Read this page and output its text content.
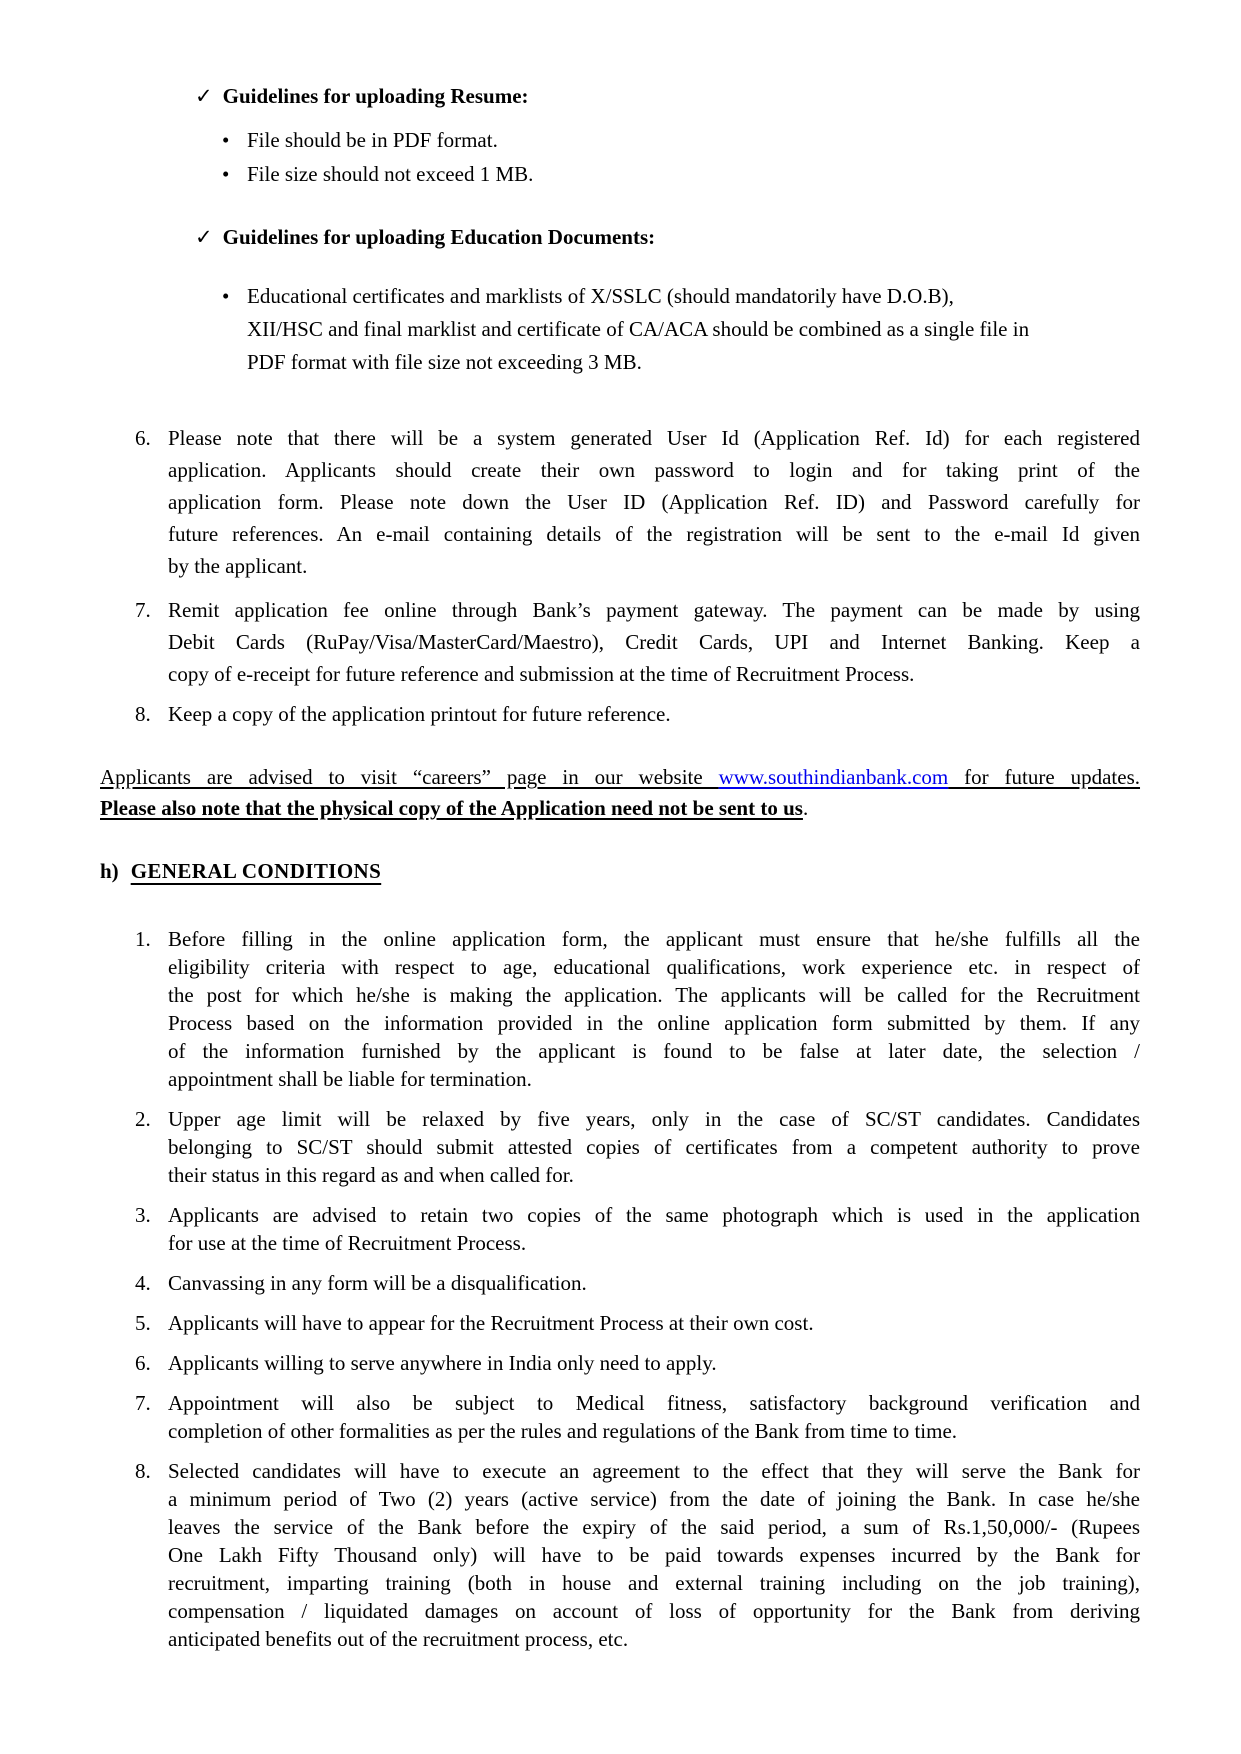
✓ Guidelines for uploading Resume:
• File should be in PDF format.
• File size should not exceed 1 MB.
✓ Guidelines for uploading Education Documents:
• Educational certificates and marklists of X/SSLC (should mandatorily have D.O.B),
XII/HSC and final marklist and certificate of CA/ACA should be combined as a single file in
PDF format with file size not exceeding 3 MB.
6. Please note that there will be a system generated User Id (Application Ref. Id) for each registered
application. Applicants should create their own password to login and for taking print of the
application form. Please note down the User ID (Application Ref. ID) and Password carefully for
future references. An e-mail containing details of the registration will be sent to the e-mail Id given
by the applicant.
7. Remit application fee online through Bank’s payment gateway. The payment can be made by using
Debit Cards (RuPay/Visa/MasterCard/Maestro), Credit Cards, UPI and Internet Banking. Keep a
copy of e-receipt for future reference and submission at the time of Recruitment Process.
8. Keep a copy of the application printout for future reference.
Applicants are advised to visit “careers” page in our website www.southindianbank.com for future updates.
Please also note that the physical copy of the Application need not be sent to us.
h) GENERAL CONDITIONS
1. Before filling in the online application form, the applicant must ensure that he/she fulfills all the
eligibility criteria with respect to age, educational qualifications, work experience etc. in respect of
the post for which he/she is making the application. The applicants will be called for the Recruitment
Process based on the information provided in the online application form submitted by them. If any
of the information furnished by the applicant is found to be false at later date, the selection /
appointment shall be liable for termination.
2. Upper age limit will be relaxed by five years, only in the case of SC/ST candidates. Candidates
belonging to SC/ST should submit attested copies of certificates from a competent authority to prove
their status in this regard as and when called for.
3. Applicants are advised to retain two copies of the same photograph which is used in the application
for use at the time of Recruitment Process.
4. Canvassing in any form will be a disqualification.
5. Applicants will have to appear for the Recruitment Process at their own cost.
6. Applicants willing to serve anywhere in India only need to apply.
7. Appointment will also be subject to Medical fitness, satisfactory background verification and
completion of other formalities as per the rules and regulations of the Bank from time to time.
8. Selected candidates will have to execute an agreement to the effect that they will serve the Bank for
a minimum period of Two (2) years (active service) from the date of joining the Bank. In case he/she
leaves the service of the Bank before the expiry of the said period, a sum of Rs.1,50,000/- (Rupees
One Lakh Fifty Thousand only) will have to be paid towards expenses incurred by the Bank for
recruitment, imparting training (both in house and external training including on the job training),
compensation / liquidated damages on account of loss of opportunity for the Bank from deriving
anticipated benefits out of the recruitment process, etc.
